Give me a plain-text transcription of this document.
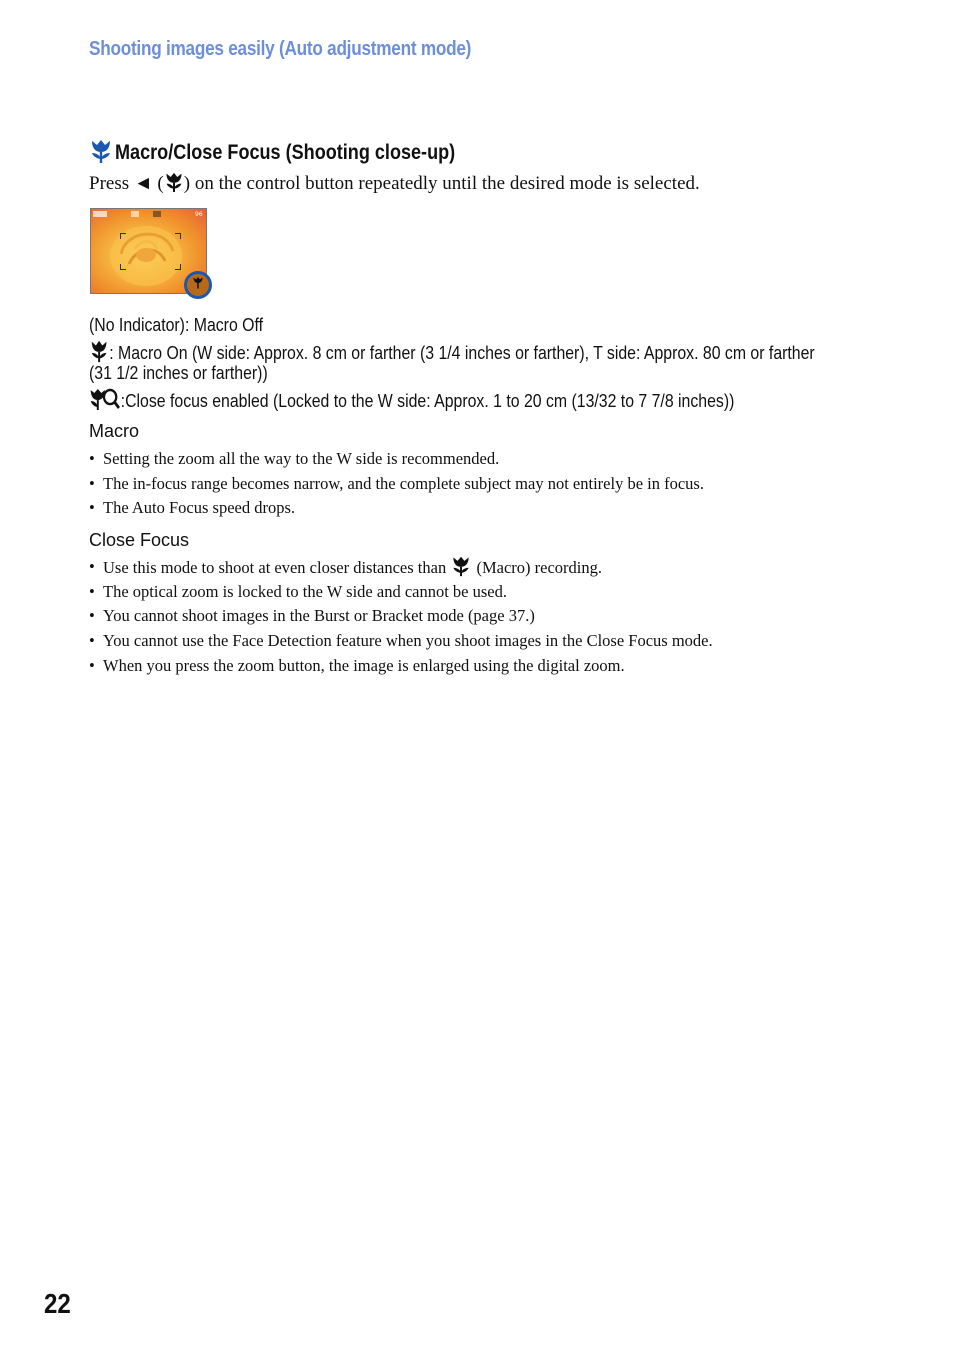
Shooting images easily (Auto adjustment mode)
Macro/Close Focus (Shooting close-up)
Press ◄ ( ) on the control button repeatedly until the desired mode is selected.
96
(No Indicator): Macro Off
: Macro On (W side: Approx. 8 cm or farther (3 1/4 inches or farther), T side: Approx. 80 cm or farther
(31 1/2 inches or farther))
:Close focus enabled (Locked to the W side: Approx. 1 to 20 cm (13/32 to 7 7/8 inches))
Macro
• Setting the zoom all the way to the W side is recommended.
• The in-focus range becomes narrow, and the complete subject may not entirely be in focus.
• The Auto Focus speed drops.
Close Focus
• Use this mode to shoot at even closer distances than  (Macro) recording.
• The optical zoom is locked to the W side and cannot be used.
• You cannot shoot images in the Burst or Bracket mode (page 37.)
• You cannot use the Face Detection feature when you shoot images in the Close Focus mode.
• When you press the zoom button, the image is enlarged using the digital zoom.
22
